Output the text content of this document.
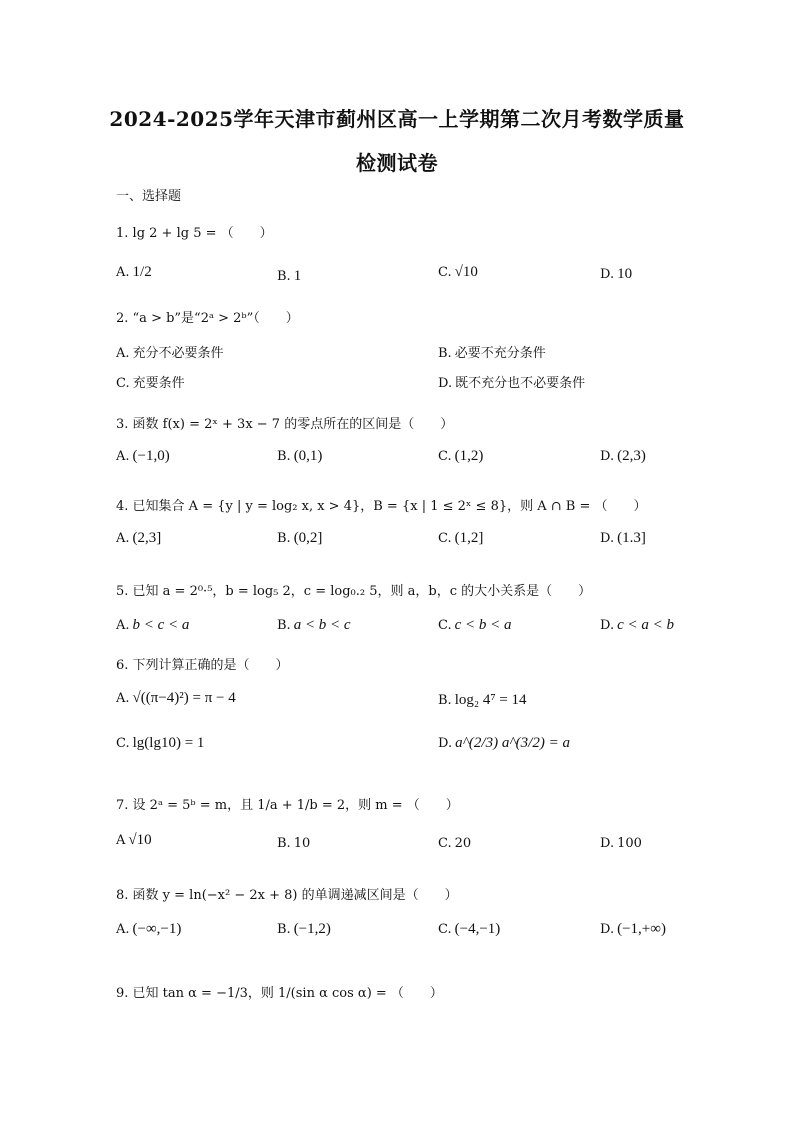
2024-2025学年天津市蓟州区高一上学期第二次月考数学质量
检测试卷
一、选择题
1. lg 2 + lg 5 = （　　）
A. 1/2	B. 1	C. √10	D. 10
2. “a > b”是“2ᵃ > 2ᵇ”（　　）
A. 充分不必要条件	B. 必要不充分条件
C. 充要条件	D. 既不充分也不必要条件
3. 函数 f(x) = 2ˣ + 3x − 7 的零点所在的区间是（　　）
A. (−1,0)	B. (0,1)	C. (1,2)	D. (2,3)
4. 已知集合 A = {y | y = log₂ x, x > 4}，B = {x | 1 ≤ 2ˣ ≤ 8}，则 A ∩ B = （　　）
A. (2,3]	B. (0,2]	C. (1,2]	D. (1.3]
5. 已知 a = 2⁰·⁵，b = log₅ 2，c = log₀.₂ 5，则 a，b，c 的大小关系是（　　）
A. b < c < a	B. a < b < c	C. c < b < a	D. c < a < b
6. 下列计算正确的是（　　）
A. √((π−4)²) = π − 4	B. log₂ 4⁷ = 14
C. lg(lg10) = 1	D. a^(2/3) a^(3/2) = a
7. 设 2ᵃ = 5ᵇ = m，且 1/a + 1/b = 2，则 m = （　　）
A √10	B. 10	C. 20	D. 100
8. 函数 y = ln(−x² − 2x + 8) 的单调递减区间是（　　）
A. (−∞,−1)	B. (−1,2)	C. (−4,−1)	D. (−1,+∞)
9. 已知 tan α = −1/3，则 1/(sin α cos α) = （　　）
